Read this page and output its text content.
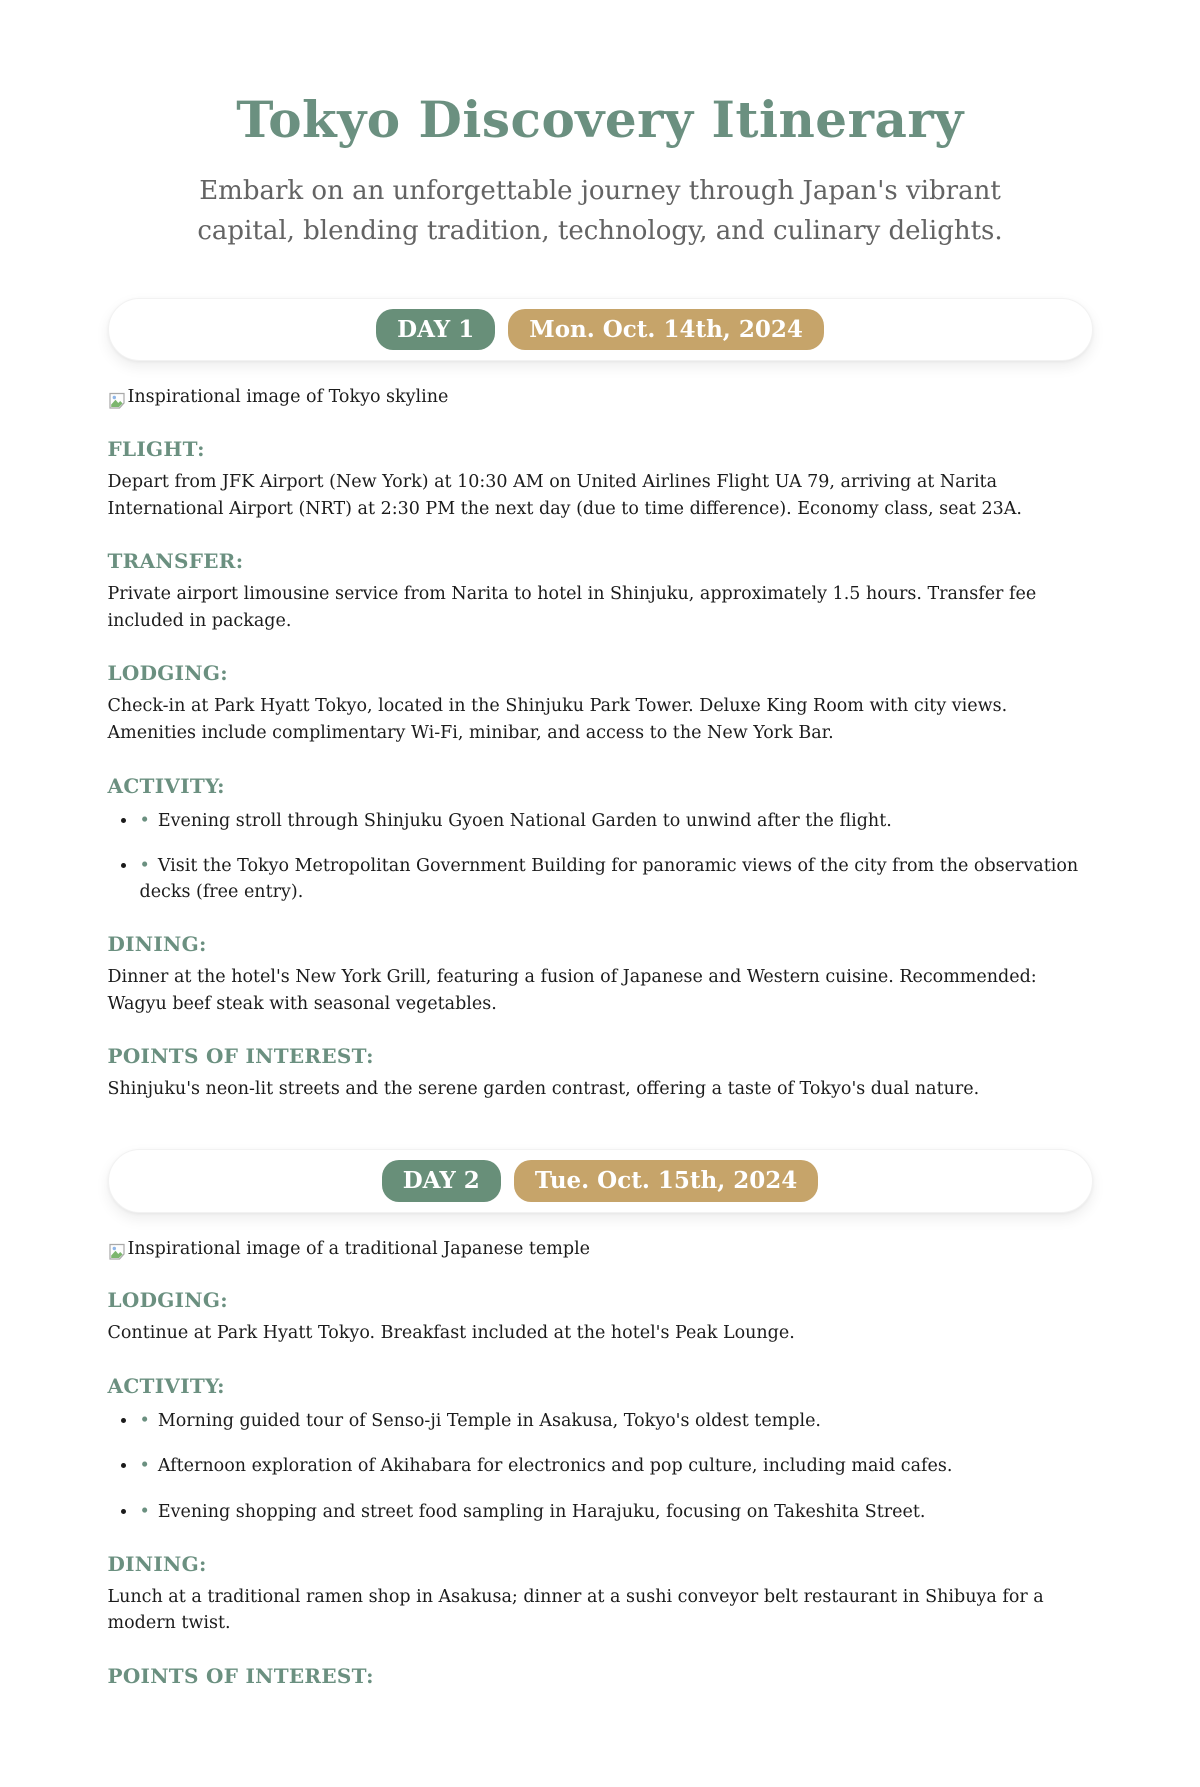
Tokyo Discovery Itinerary

Embark on an unforgettable journey through Japan's vibrant capital, blending tradition, technology, and culinary delights.

DAY 1	Mon. Oct. 14th, 2024
Inspirational image of Tokyo skyline
FLIGHT:

Depart from JFK Airport (New York) at 10:30 AM on United Airlines Flight UA 79, arriving at Narita International Airport (NRT) at 2:30 PM the next day (due to time difference). Economy class, seat 23A.

TRANSFER:

Private airport limousine service from Narita to hotel in Shinjuku, approximately 1.5 hours. Transfer fee included in package.

LODGING:

Check-in at Park Hyatt Tokyo, located in the Shinjuku Park Tower. Deluxe King Room with city views. Amenities include complimentary Wi-Fi, minibar, and access to the New York Bar.

ACTIVITY:
• • Evening stroll through Shinjuku Gyoen National Garden to unwind after the flight.
• • Visit the Tokyo Metropolitan Government Building for panoramic views of the city from the observation decks (free entry).
DINING:

Dinner at the hotel's New York Grill, featuring a fusion of Japanese and Western cuisine. Recommended: Wagyu beef steak with seasonal vegetables.

POINTS OF INTEREST:

Shinjuku's neon-lit streets and the serene garden contrast, offering a taste of Tokyo's dual nature.

DAY 2	Tue. Oct. 15th, 2024
Inspirational image of a traditional Japanese temple
LODGING:

Continue at Park Hyatt Tokyo. Breakfast included at the hotel's Peak Lounge.

ACTIVITY:
• • Morning guided tour of Senso-ji Temple in Asakusa, Tokyo's oldest temple.
• • Afternoon exploration of Akihabara for electronics and pop culture, including maid cafes.
• • Evening shopping and street food sampling in Harajuku, focusing on Takeshita Street.
DINING:

Lunch at a traditional ramen shop in Asakusa; dinner at a sushi conveyor belt restaurant in Shibuya for a modern twist.

POINTS OF INTEREST:
